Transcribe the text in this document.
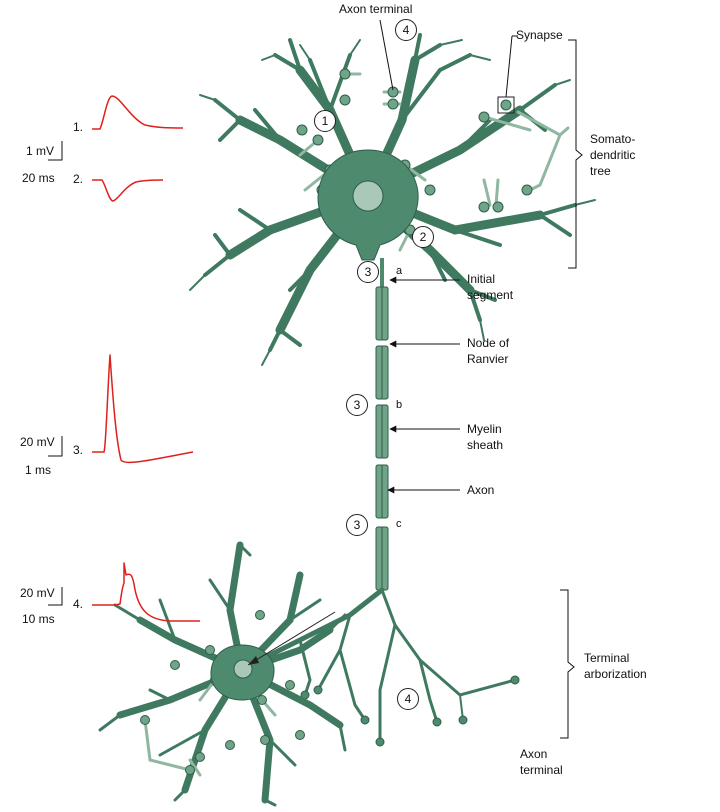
Axon terminal
Synapse
Somato-
dendritic
tree
Initial
segment
Node of
Ranvier
Myelin
sheath
Axon
Terminal
arborization
Axon
terminal
a
b
c
4
1
2
3
3
3
4
1.
2.
3.
4.
1 mV
20 ms
20 mV
1 ms
20 mV
10 ms
